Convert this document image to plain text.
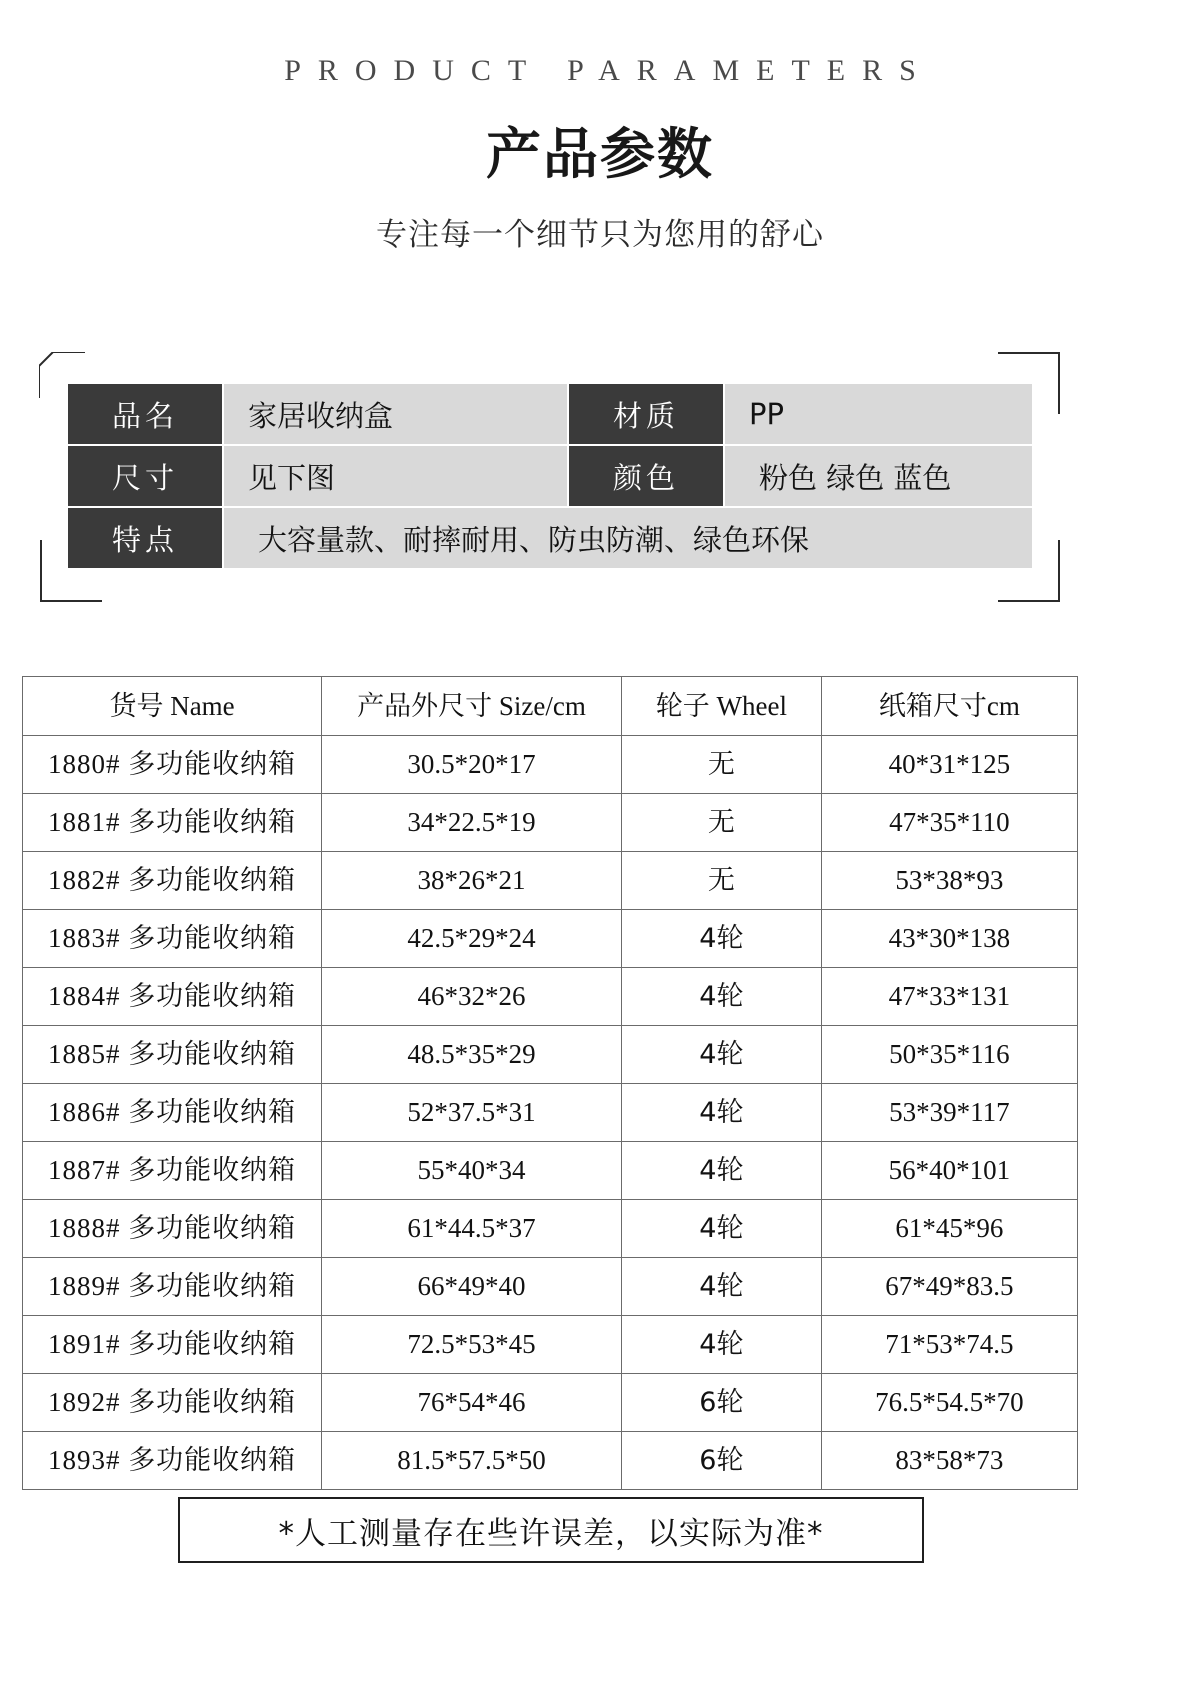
PRODUCT PARAMETERS
产品参数
专注每一个细节只为您用的舒心
品名	家居收纳盒	材质	PP
尺寸	见下图	颜色	粉色 绿色 蓝色
特点	大容量款、耐摔耐用、防虫防潮、绿色环保		
货号 Name	产品外尺寸 Size/cm	轮子 Wheel	纸箱尺寸cm
1880# 多功能收纳箱	30.5*20*17	无	40*31*125
1881# 多功能收纳箱	34*22.5*19	无	47*35*110
1882# 多功能收纳箱	38*26*21	无	53*38*93
1883# 多功能收纳箱	42.5*29*24	4轮	43*30*138
1884# 多功能收纳箱	46*32*26	4轮	47*33*131
1885# 多功能收纳箱	48.5*35*29	4轮	50*35*116
1886# 多功能收纳箱	52*37.5*31	4轮	53*39*117
1887# 多功能收纳箱	55*40*34	4轮	56*40*101
1888# 多功能收纳箱	61*44.5*37	4轮	61*45*96
1889# 多功能收纳箱	66*49*40	4轮	67*49*83.5
1891# 多功能收纳箱	72.5*53*45	4轮	71*53*74.5
1892# 多功能收纳箱	76*54*46	6轮	76.5*54.5*70
1893# 多功能收纳箱	81.5*57.5*50	6轮	83*58*73
*人工测量存在些许误差，以实际为准*
